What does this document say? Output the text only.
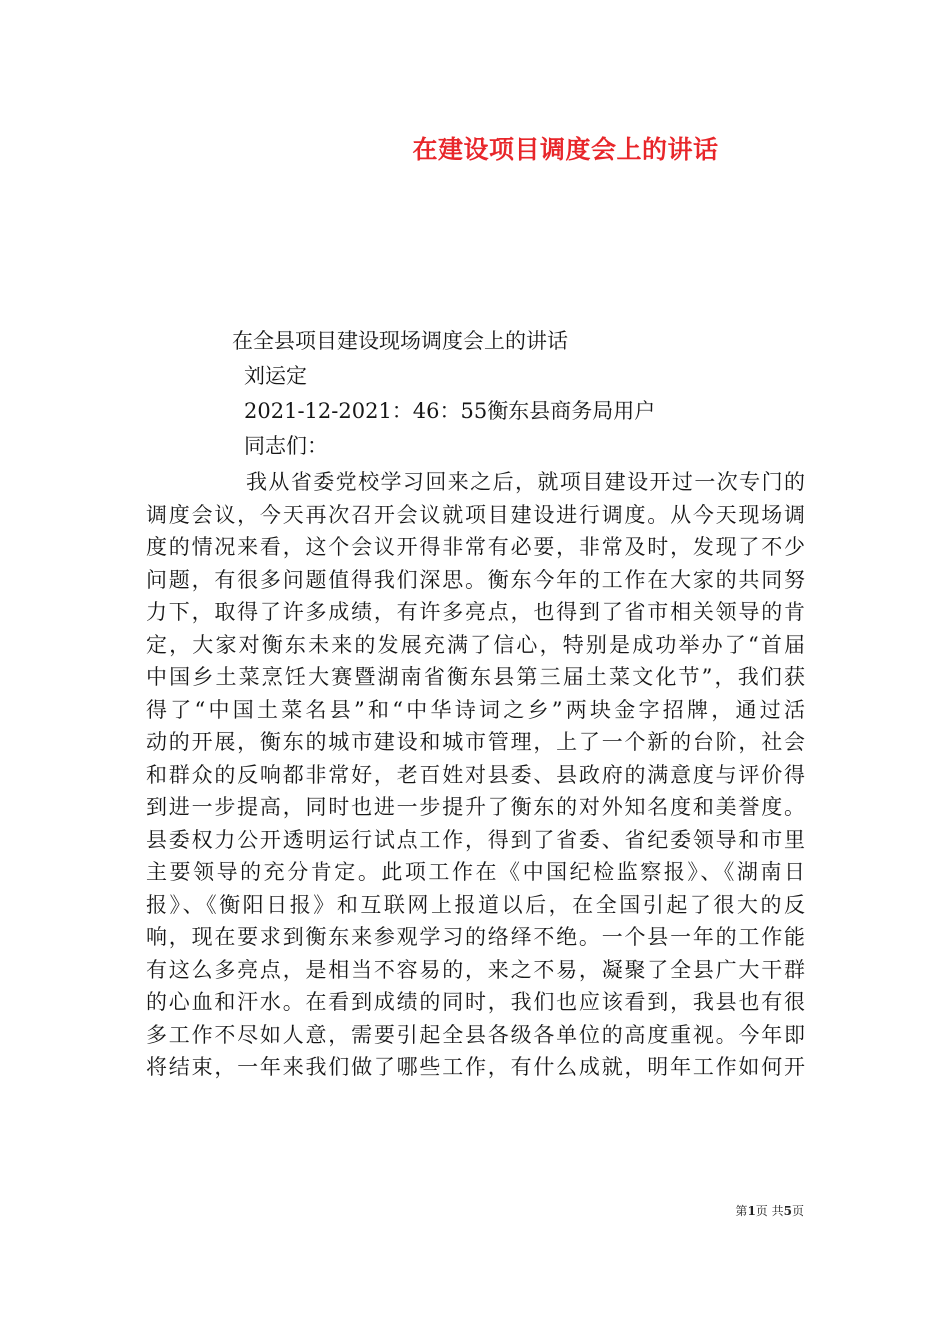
在建设项目调度会上的讲话
在全县项目建设现场调度会上的讲话
刘运定
2021-12-2021：46：55衡东县商务局用户
同志们：
我从省委党校学习回来之后，就项目建设开过一次专门的
调度会议，今天再次召开会议就项目建设进行调度。从今天现场调
度的情况来看，这个会议开得非常有必要，非常及时，发现了不少
问题，有很多问题值得我们深思。衡东今年的工作在大家的共同努
力下，取得了许多成绩，有许多亮点，也得到了省市相关领导的肯
定，大家对衡东未来的发展充满了信心，特别是成功举办了“首届
中国乡土菜烹饪大赛暨湖南省衡东县第三届土菜文化节”，我们获
得了“中国土菜名县”和“中华诗词之乡”两块金字招牌，通过活
动的开展，衡东的城市建设和城市管理，上了一个新的台阶，社会
和群众的反响都非常好，老百姓对县委、县政府的满意度与评价得
到进一步提高，同时也进一步提升了衡东的对外知名度和美誉度。
县委权力公开透明运行试点工作，得到了省委、省纪委领导和市里
主要领导的充分肯定。此项工作在《中国纪检监察报》、《湖南日
报》、《衡阳日报》和互联网上报道以后，在全国引起了很大的反
响，现在要求到衡东来参观学习的络绎不绝。一个县一年的工作能
有这么多亮点，是相当不容易的，来之不易，凝聚了全县广大干群
的心血和汗水。在看到成绩的同时，我们也应该看到，我县也有很
多工作不尽如人意，需要引起全县各级各单位的高度重视。今年即
将结束，一年来我们做了哪些工作，有什么成就，明年工作如何开
第1页 共5页
